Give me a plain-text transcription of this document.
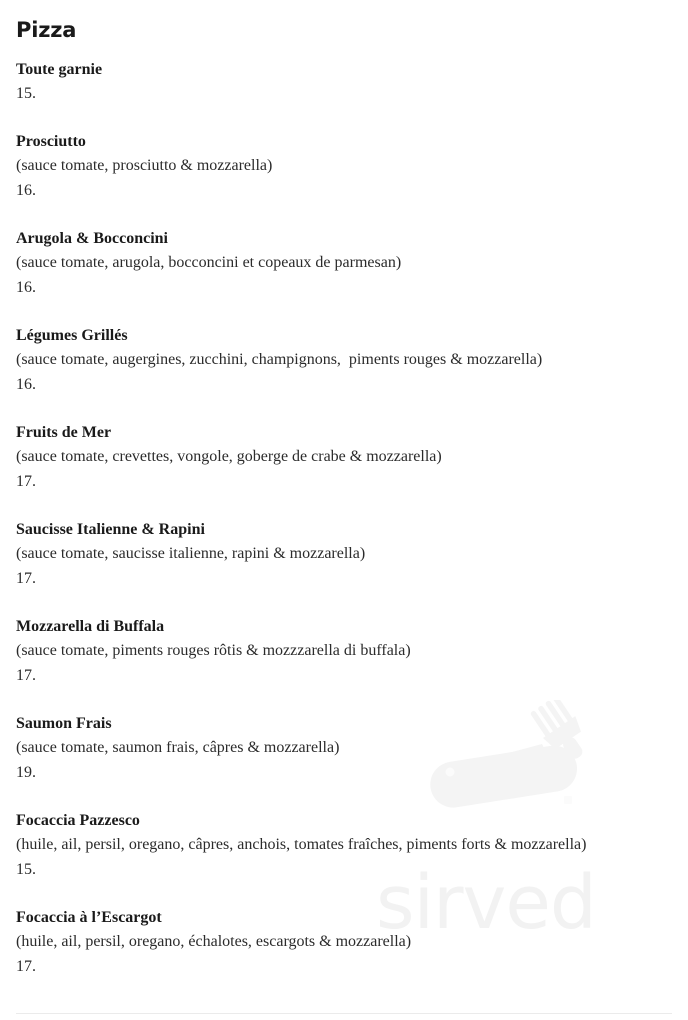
sirved
Pizza
Toute garnie
15.
Prosciutto
(sauce tomate, prosciutto & mozzarella)
16.
Arugola & Bocconcini
(sauce tomate, arugola, bocconcini et copeaux de parmesan)
16.
Légumes Grillés
(sauce tomate, augergines, zucchini, champignons,  piments rouges & mozzarella)
16.
Fruits de Mer
(sauce tomate, crevettes, vongole, goberge de crabe & mozzarella)
17.
Saucisse Italienne & Rapini
(sauce tomate, saucisse italienne, rapini & mozzarella)
17.
Mozzarella di Buffala
(sauce tomate, piments rouges rôtis & mozzzarella di buffala)
17.
Saumon Frais
(sauce tomate, saumon frais, câpres & mozzarella)
19.
Focaccia Pazzesco
(huile, ail, persil, oregano, câpres, anchois, tomates fraîches, piments forts & mozzarella)
15.
Focaccia à l’Escargot
(huile, ail, persil, oregano, échalotes, escargots & mozzarella)
17.
